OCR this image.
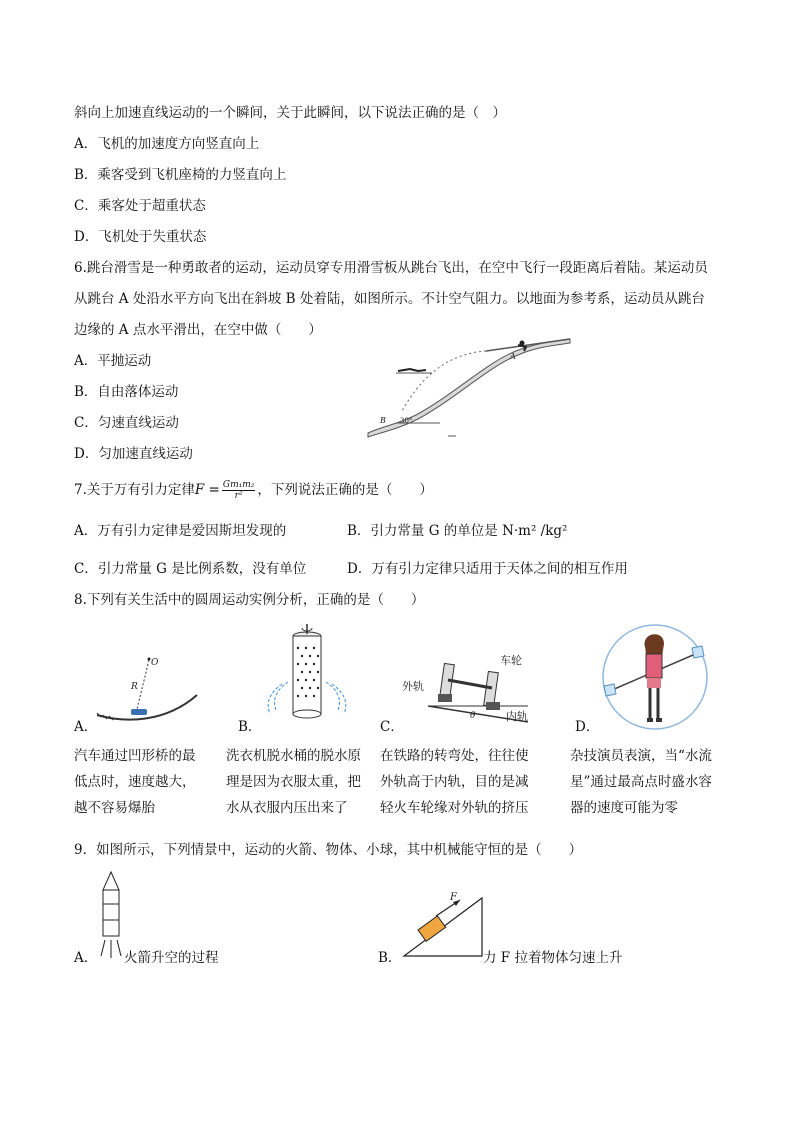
斜向上加速直线运动的一个瞬间，关于此瞬间，以下说法正确的是（　）
A．飞机的加速度方向竖直向上
B．乘客受到飞机座椅的力竖直向上
C．乘客处于超重状态
D．飞机处于失重状态
6.跳台滑雪是一种勇敢者的运动，运动员穿专用滑雪板从跳台飞出，在空中飞行一段距离后着陆。某运动员
从跳台 A 处沿水平方向飞出在斜坡 B 处着陆，如图所示。不计空气阻力。以地面为参考系，运动员从跳台
边缘的 A 点水平滑出，在空中做（　　）
A．平抛运动
B．自由落体运动
C．匀速直线运动
D．匀加速直线运动
A
B 30°
7.关于万有引力定律$F = \frac{\text{Gm₁m₂}}{\text{r²}}$ ，下列说法正确的是（　　）
A．万有引力定律是爱因斯坦发现的	B．引力常量 G 的单位是 N·m² /kg²
C．引力常量 G 是比例系数，没有单位	D．万有引力定律只适用于天体之间的相互作用
8.下列有关生活中的圆周运动实例分析，正确的是（　　）
A．
O
R
B．	C．
θ
外轨
车轮
内轨
D．
汽车通过凹形桥的最低点时，速度越大，越不容易爆胎
洗衣机脱水桶的脱水原理是因为衣服太重，把水从衣服内压出来了
在铁路的转弯处，往往使外轨高于内轨，目的是减轻火车轮缘对外轨的挤压
杂技演员表演，当“水流星”通过最高点时盛水容器的速度可能为零
9．如图所示，下列情景中，运动的火箭、物体、小球，其中机械能守恒的是（　　）
A． 火箭升空的过程	B．
F
力 F 拉着物体匀速上升
